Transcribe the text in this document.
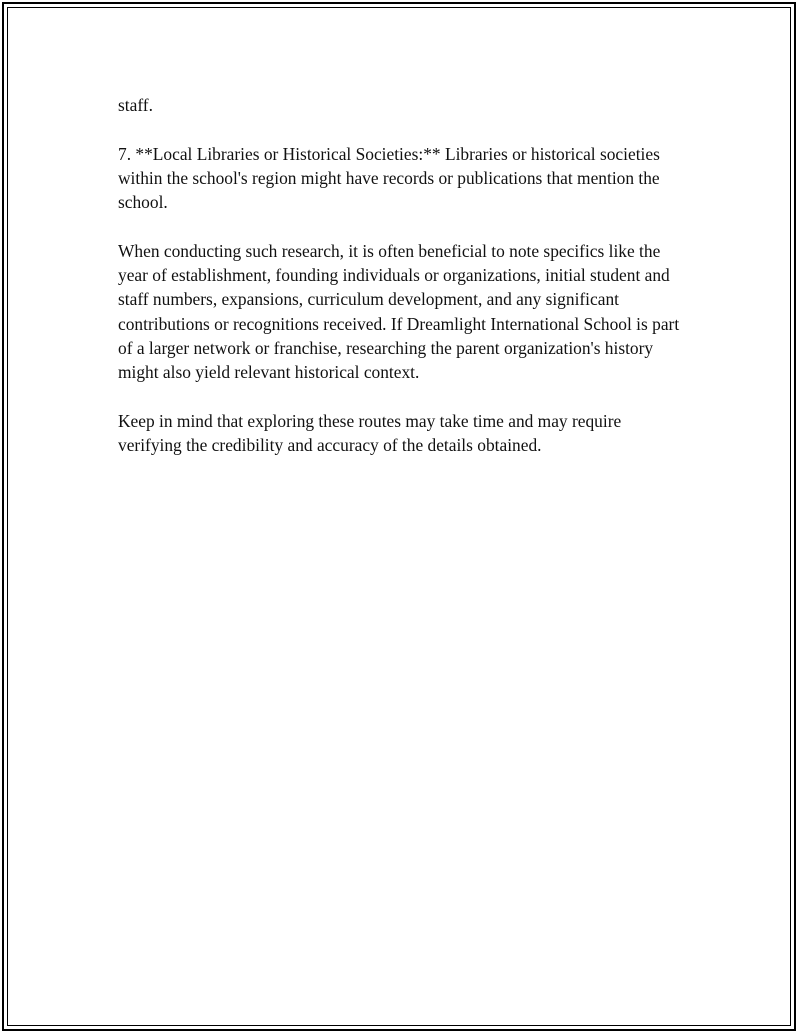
staff.

7. **Local Libraries or Historical Societies:** Libraries or historical societies within the school's region might have records or publications that mention the school.

When conducting such research, it is often beneficial to note specifics like the year of establishment, founding individuals or organizations, initial student and staff numbers, expansions, curriculum development, and any significant contributions or recognitions received. If Dreamlight International School is part of a larger network or franchise, researching the parent organization's history might also yield relevant historical context.

Keep in mind that exploring these routes may take time and may require verifying the credibility and accuracy of the details obtained.
